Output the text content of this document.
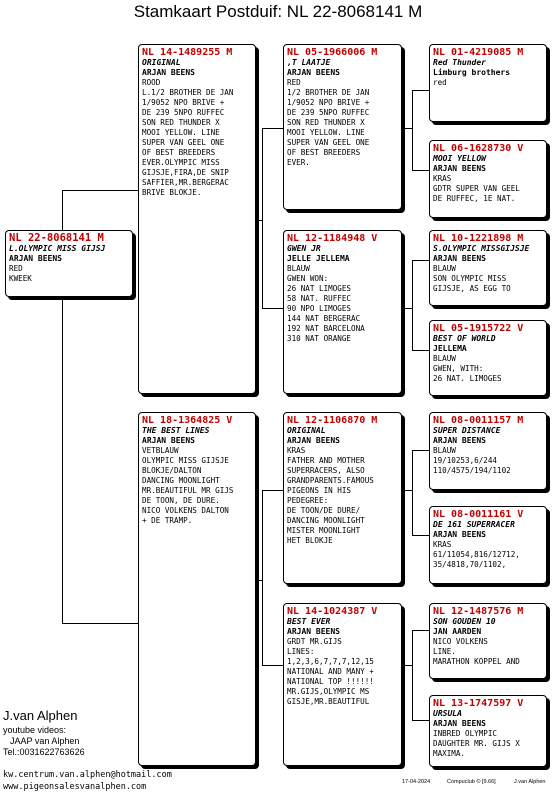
Stamkaart Postduif: NL 22-8068141 M
NL 22-8068141 M
L.OLYMPIC MISS GIJSJ
ARJAN BEENS
RED
KWEEK
NL 14-1489255 M
ORIGINAL
ARJAN BEENS
ROOD
L.1/2 BROTHER DE JAN
1/9052 NPO BRIVE +
DE 239 5NPO RUFFEC
SON RED THUNDER X
MOOI YELLOW. LINE
SUPER VAN GEEL ONE
OF BEST BREEDERS
EVER.OLYMPIC MISS
GIJSJE,FIRA,DE SNIP
SAFFIER,MR.BERGERAC
BRIVE BLOKJE.
NL 18-1364825 V
THE BEST LINES
ARJAN BEENS
VETBLAUW
OLYMPIC MISS GIJSJE
BLOKJE/DALTON
DANCING MOONLIGHT
MR.BEAUTIFUL MR GIJS
DE TOON, DE DURE.
NICO VOLKENS DALTON
+ DE TRAMP.
NL 05-1966006 M
,T LAATJE
ARJAN BEENS
RED
1/2 BROTHER DE JAN
1/9052 NPO BRIVE +
DE 239 5NPO RUFFEC
SON RED THUNDER X
MOOI YELLOW. LINE
SUPER VAN GEEL ONE
OF BEST BREEDERS
EVER.
NL 12-1184948 V
GWEN JR
JELLE JELLEMA
BLAUW
GWEN WON:
26 NAT LIMOGES
58 NAT. RUFFEC
90 NPO LIMOGES
144 NAT BERGERAC
192 NAT BARCELONA
310 NAT ORANGE
NL 12-1106870 M
ORIGINAL
ARJAN BEENS
KRAS
FATHER AND MOTHER
SUPERRACERS, ALSO
GRANDPARENTS.FAMOUS
PIGEONS IN HIS
PEDEGREE:
DE TOON/DE DURE/
DANCING MOONLIGHT
MISTER MOONLIGHT
HET BLOKJE
NL 14-1024387 V
BEST EVER
ARJAN BEENS
GRDT MR.GIJS
LINES:
1,2,3,6,7,7,7,12,15
NATIONAL AND MANY +
NATIONAL TOP !!!!!!
MR.GIJS,OLYMPIC MS
GISJE,MR.BEAUTIFUL
NL 01-4219085 M
Red Thunder
Limburg brothers
red
NL 06-1628730 V
MOOI YELLOW
ARJAN BEENS
KRAS
GDTR SUPER VAN GEEL
DE RUFFEC, 1E NAT.
NL 10-1221898 M
S.OLYMPIC MISSGIJSJE
ARJAN BEENS
BLAUW
SON OLYMPIC MISS
GIJSJE, AS EGG TO
NL 05-1915722 V
BEST OF WORLD
JELLEMA
BLAUW
GWEN, WITH:
26 NAT. LIMOGES
NL 08-0011157 M
SUPER DISTANCE
ARJAN BEENS
BLAUW
19/10253,6/244
110/4575/194/1102
NL 08-0011161 V
DE 161 SUPERRACER
ARJAN BEENS
KRAS
61/11054,816/12712,
35/4818,70/1102,
NL 12-1487576 M
SON GOUDEN 10
JAN AARDEN
NICO VOLKENS
LINE.
MARATHON KOPPEL AND
NL 13-1747597 V
URSULA
ARJAN BEENS
INBRED OLYMPIC
DAUGHTER MR. GIJS X
MAXIMA.
J.van Alphen
youtube videos:
JAAP van Alphen
Tel.:0031622763626
kw.centrum.van.alphen@hotmail.com
www.pigeonsalesvanalphen.com	17-04-2024	Compuclub © [9.66]	J.van Alphen
